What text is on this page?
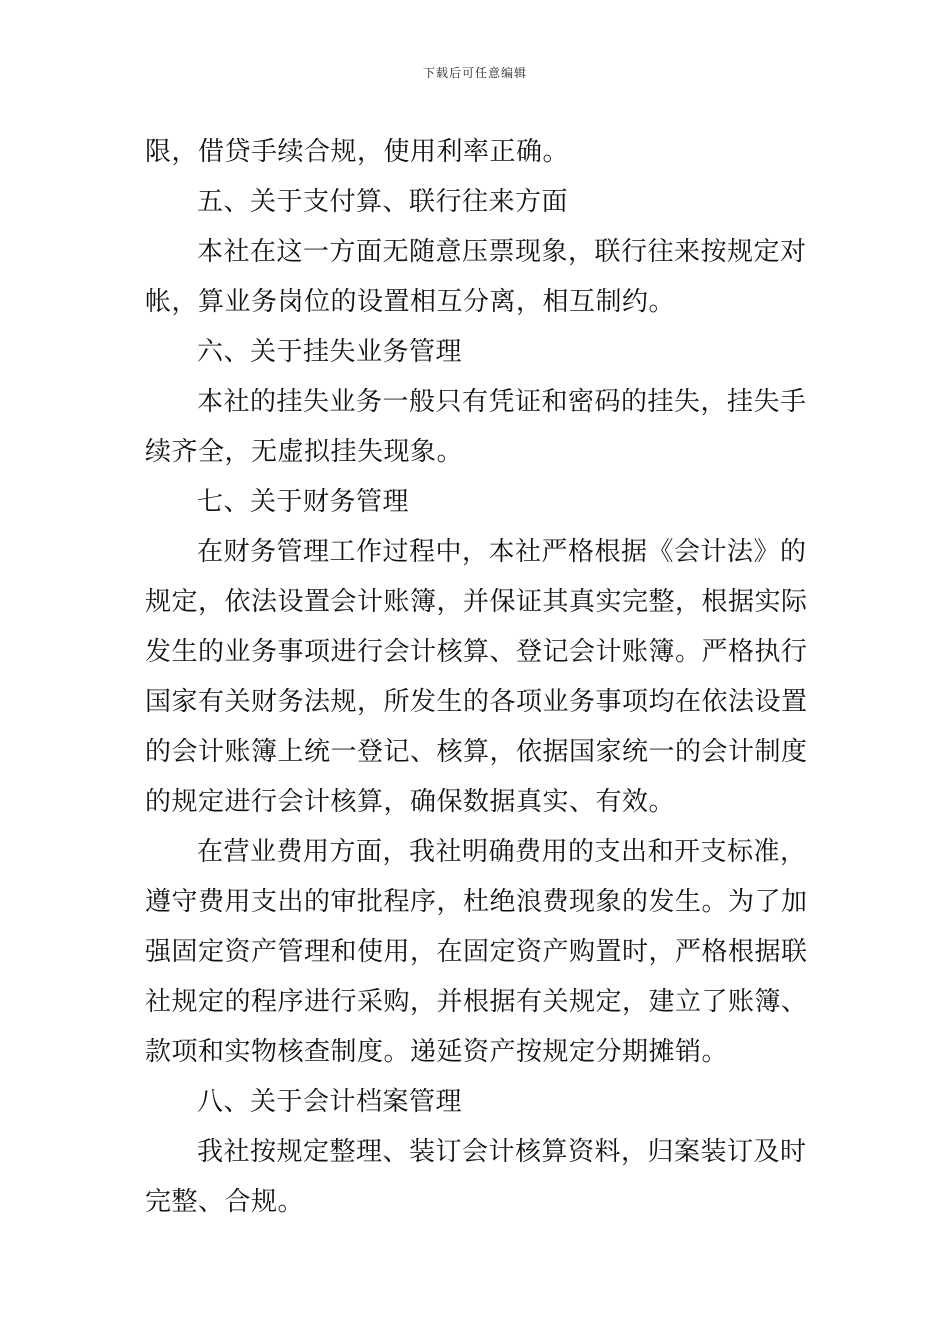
下载后可任意编辑
限，借贷手续合规，使用利率正确。
五、关于支付算、联行往来方面
本社在这一方面无随意压票现象，联行往来按规定对
帐，算业务岗位的设置相互分离，相互制约。
六、关于挂失业务管理
本社的挂失业务一般只有凭证和密码的挂失，挂失手
续齐全，无虚拟挂失现象。
七、关于财务管理
在财务管理工作过程中，本社严格根据《会计法》的
规定，依法设置会计账簿，并保证其真实完整，根据实际
发生的业务事项进行会计核算、登记会计账簿。严格执行
国家有关财务法规，所发生的各项业务事项均在依法设置
的会计账簿上统一登记、核算，依据国家统一的会计制度
的规定进行会计核算，确保数据真实、有效。
在营业费用方面，我社明确费用的支出和开支标准，
遵守费用支出的审批程序，杜绝浪费现象的发生。为了加
强固定资产管理和使用，在固定资产购置时，严格根据联
社规定的程序进行采购，并根据有关规定，建立了账簿、
款项和实物核查制度。递延资产按规定分期摊销。
八、关于会计档案管理
我社按规定整理、装订会计核算资料，归案装订及时
完整、合规。
